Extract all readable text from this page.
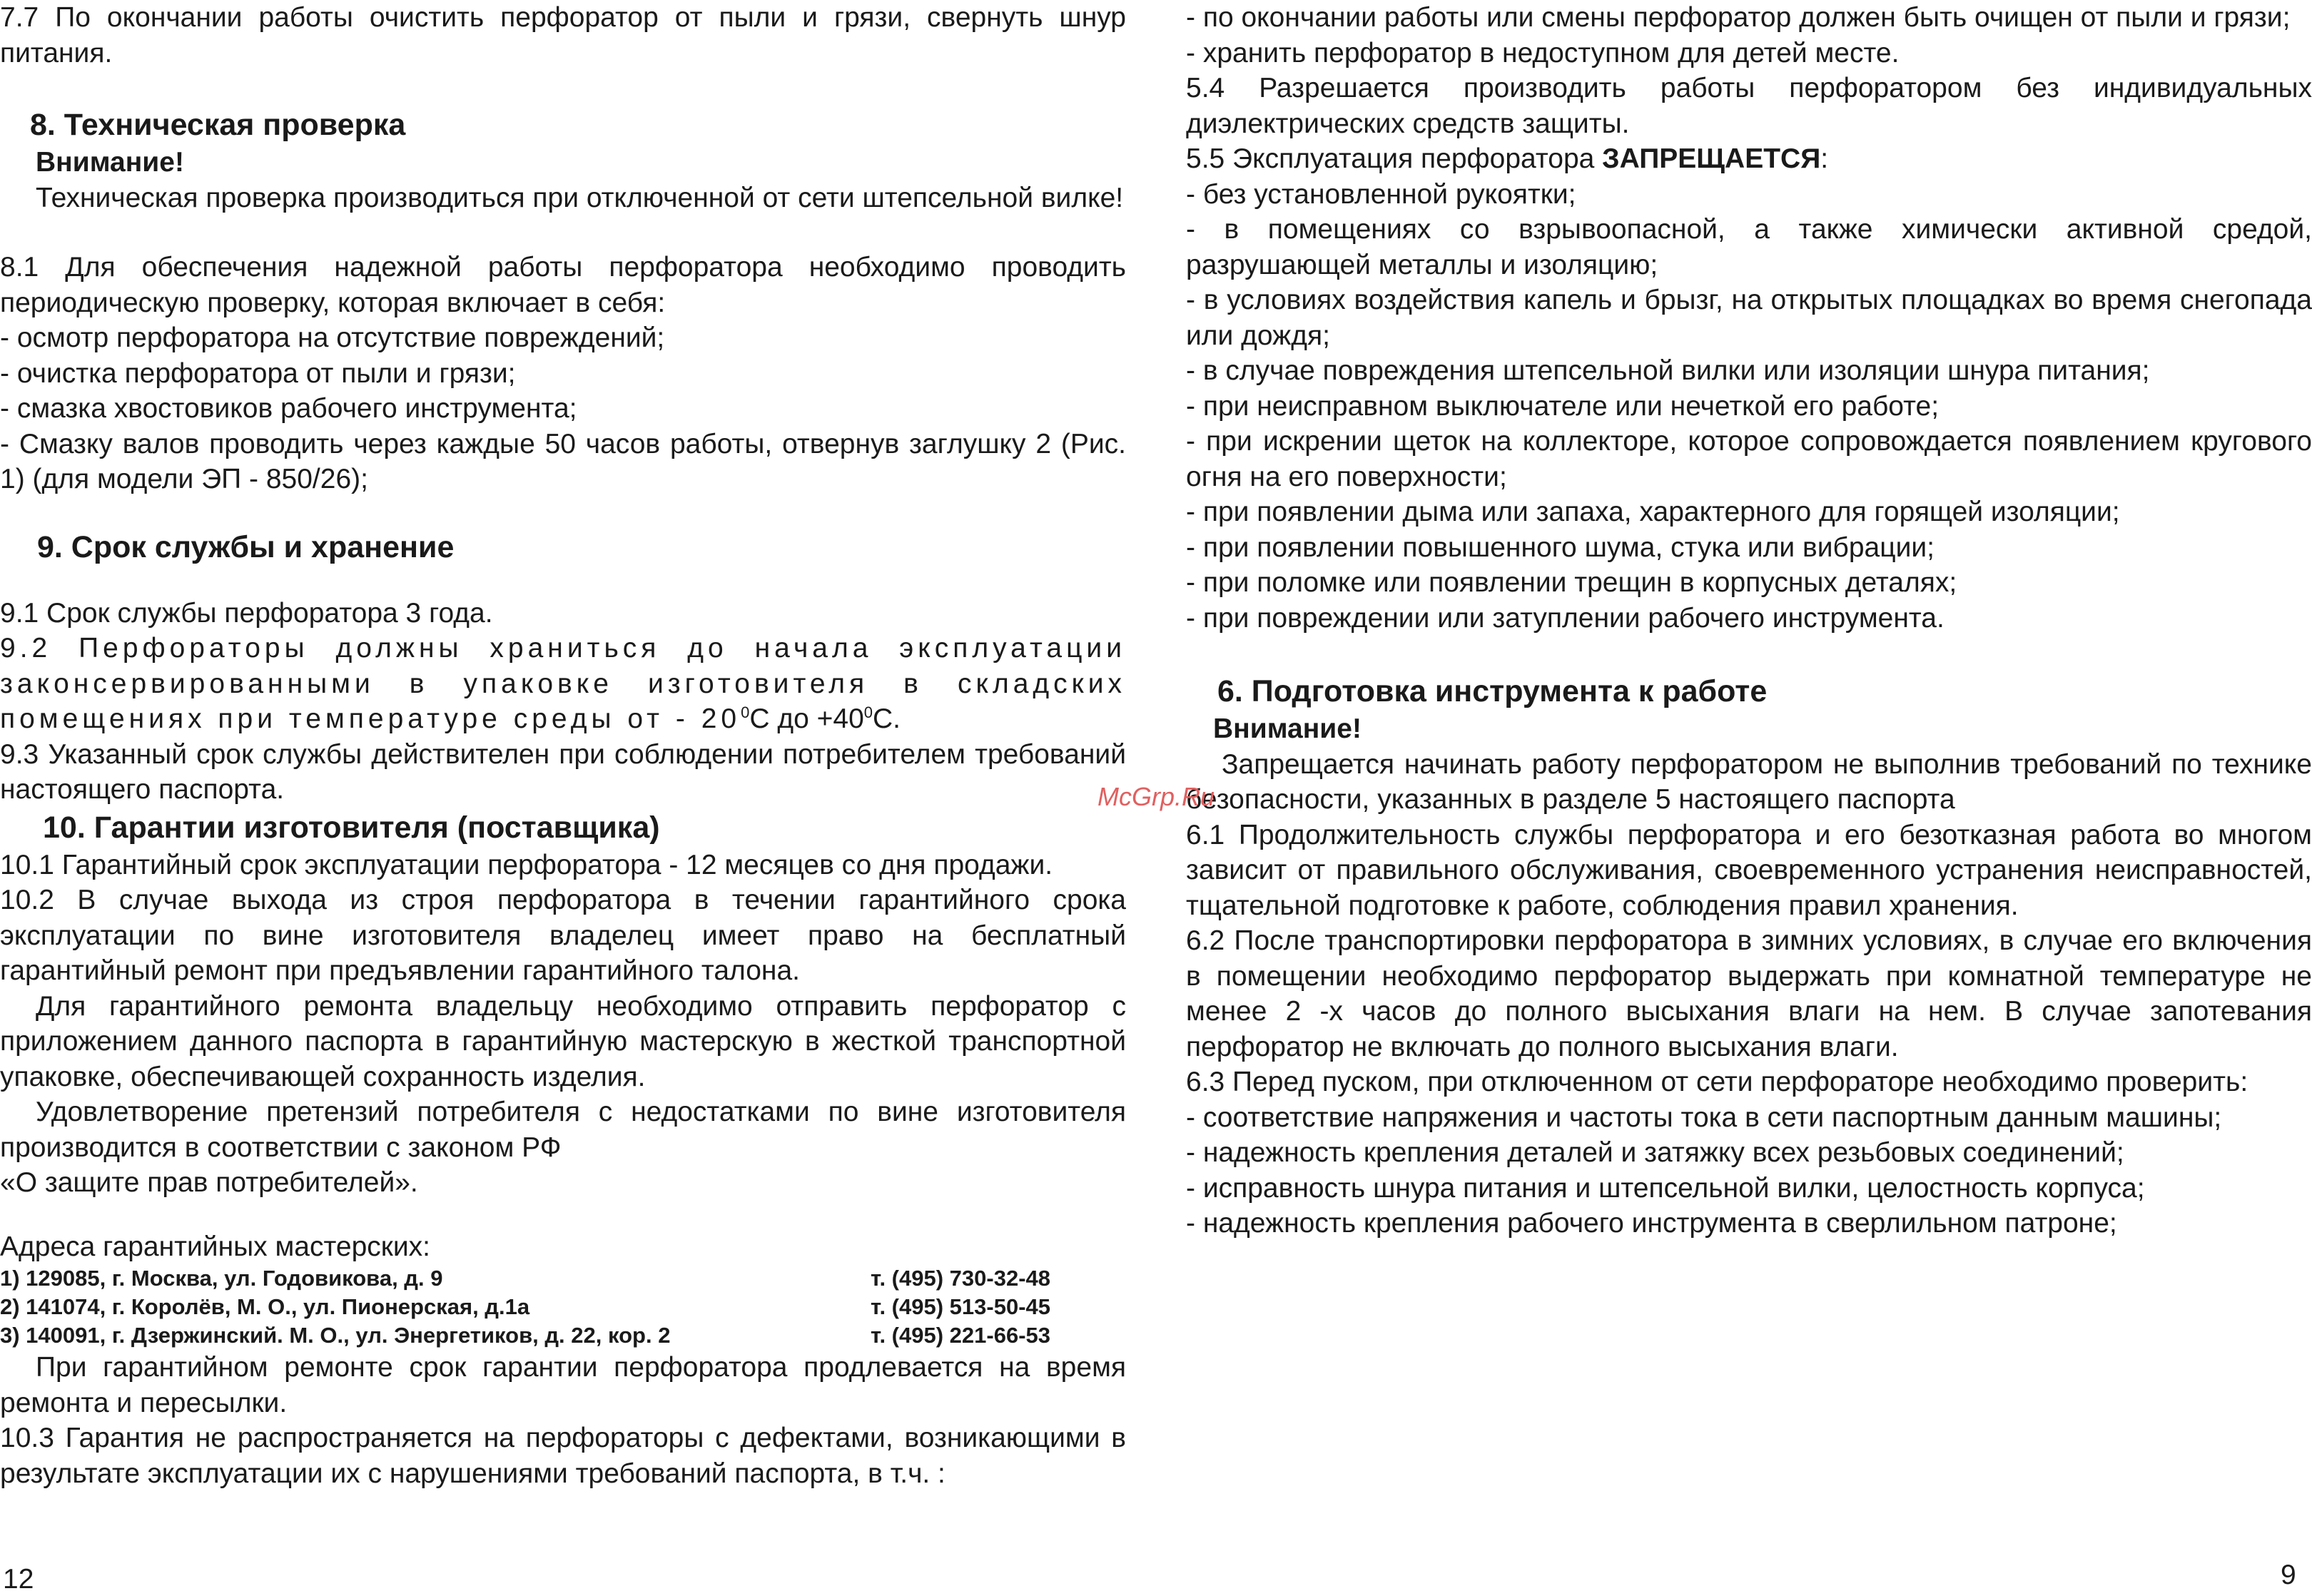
7.7 По окончании работы очистить перфоратор от пыли и грязи, свернуть шнур питания.

8. Техническая проверка
Внимание!

Техническая проверка производиться при отключенной от сети штепсельной вилке!

8.1 Для обеспечения надежной работы перфоратора необходимо проводить периодическую проверку, которая включает в себя:

- осмотр перфоратора на отсутствие повреждений;
- очистка перфоратора от пыли и грязи;
- смазка хвостовиков рабочего инструмента;
- Смазку валов проводить через каждые 50 часов работы, отвернув заглушку 2 (Рис. 1) (для модели ЭП - 850/26);
9. Срок службы и хранение

9.1 Срок службы перфоратора 3 года.

9.2 Перфораторы должны храниться до начала эксплуатации законсервированными в упаковке изготовителя в складских помещениях при температуре среды от - $20^0С$ до $+40^0С$.

9.3 Указанный срок службы действителен при соблюдении потребителем требований настоящего паспорта.

10. Гарантии изготовителя (поставщика)

10.1 Гарантийный срок эксплуатации перфоратора - 12 месяцев со дня продажи.

10.2 В случае выхода из строя перфоратора в течении гарантийного срока эксплуатации по вине изготовителя владелец имеет право на бесплатный гарантийный ремонт при предъявлении гарантийного талона.

Для гарантийного ремонта владельцу необходимо отправить перфоратор с приложением данного паспорта в гарантийную мастерскую в жесткой транспортной упаковке, обеспечивающей сохранность изделия.

Удовлетворение претензий потребителя с недостатками по вине изготовителя производится в соответствии с законом РФ

«О защите прав потребителей».

Адреса гарантийных мастерских:

1) 129085, г. Москва, ул. Годовикова, д. 9	т. (495) 730-32-48
2) 141074, г. Королёв, М. О., ул. Пионерская, д.1а	т. (495) 513-50-45
3) 140091, г. Дзержинский. М. О., ул. Энергетиков, д. 22, кор. 2	т. (495) 221-66-53

При гарантийном ремонте срок гарантии перфоратора продлевается на время ремонта и пересылки.

10.3 Гарантия не распространяется на перфораторы с дефектами, возникающими в результате эксплуатации их с нарушениями требований паспорта, в т.ч. :

12
- по окончании работы или смены перфоратор должен быть очищен от пыли и грязи;
- хранить перфоратор в недоступном для детей месте.

5.4 Разрешается производить работы перфоратором без индивидуальных диэлектрических средств защиты.

5.5 Эксплуатация перфоратора ЗАПРЕЩАЕТСЯ:

- без установленной рукоятки;
- в помещениях со взрывоопасной, а также химически активной средой, разрушающей металлы и изоляцию;
- в условиях воздействия капель и брызг, на открытых площадках во время снегопада или дождя;
- в случае повреждения штепсельной вилки или изоляции шнура питания;
- при неисправном выключателе или нечеткой его работе;
- при искрении щеток на коллекторе, которое сопровождается появлением кругового огня на его поверхности;
- при появлении дыма или запаха, характерного для горящей изоляции;
- при появлении повышенного шума, стука или вибрации;
- при поломке или появлении трещин в корпусных деталях;
- при повреждении или затуплении рабочего инструмента.
6. Подготовка инструмента к работе
Внимание!

Запрещается начинать работу перфоратором не выполнив требований по технике безопасности, указанных в разделе 5 настоящего паспорта

6.1 Продолжительность службы перфоратора и его безотказная работа во многом зависит от правильного обслуживания, своевременного устранения неисправностей, тщательной подготовке к работе, соблюдения правил хранения.

6.2 После транспортировки перфоратора в зимних условиях, в случае его включения в помещении необходимо перфоратор выдержать при комнатной температуре не менее 2 -х часов до полного высыхания влаги на нем. В случае запотевания перфоратор не включать до полного высыхания влаги.

6.3 Перед пуском, при отключенном от сети перфораторе необходимо проверить:

- соответствие напряжения и частоты тока в сети паспортным данным машины;
- надежность крепления деталей и затяжку всех резьбовых соединений;
- исправность шнура питания и штепсельной вилки, целостность корпуса;
- надежность крепления рабочего инструмента в сверлильном патроне;
9
McGrp.Ru
